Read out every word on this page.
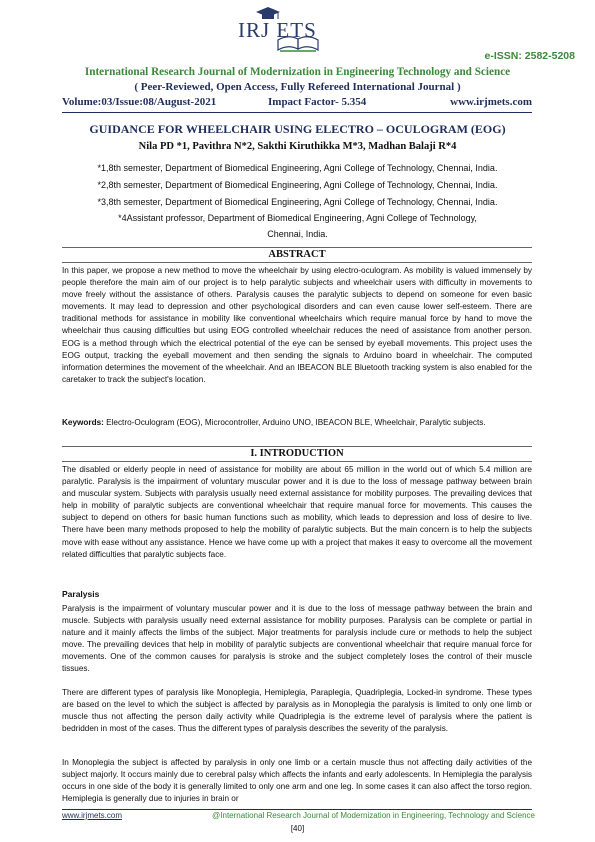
IRJ ETS
e-ISSN: 2582-5208
International Research Journal of Modernization in Engineering Technology and Science
( Peer-Reviewed, Open Access, Fully Refereed International Journal )
Volume:03/Issue:08/August-2021	Impact Factor- 5.354	www.irjmets.com
GUIDANCE FOR WHEELCHAIR USING ELECTRO – OCULOGRAM (EOG)
Nila PD *1, Pavithra N*2, Sakthi Kiruthikka M*3, Madhan Balaji R*4
*1,8th semester, Department of Biomedical Engineering, Agni College of Technology, Chennai, India.
*2,8th semester, Department of Biomedical Engineering, Agni College of Technology, Chennai, India.
*3,8th semester, Department of Biomedical Engineering, Agni College of Technology, Chennai, India.
*4Assistant professor, Department of Biomedical Engineering, Agni College of Technology,
Chennai, India.
ABSTRACT
In this paper, we propose a new method to move the wheelchair by using electro-oculogram. As mobility is valued immensely by people therefore the main aim of our project is to help paralytic subjects and wheelchair users with difficulty in movements to move freely without the assistance of others. Paralysis causes the paralytic subjects to depend on someone for even basic movements. It may lead to depression and other psychological disorders and can even cause lower self-esteem. There are traditional methods for assistance in mobility like conventional wheelchairs which require manual force by hand to move the wheelchair thus causing difficulties but using EOG controlled wheelchair reduces the need of assistance from another person. EOG is a method through which the electrical potential of the eye can be sensed by eyeball movements. This project uses the EOG output, tracking the eyeball movement and then sending the signals to Arduino board in wheelchair. The computed information determines the movement of the wheelchair. And an IBEACON BLE Bluetooth tracking system is also enabled for the caretaker to track the subject's location.
Keywords: Electro-Oculogram (EOG), Microcontroller, Arduino UNO, IBEACON BLE, Wheelchair, Paralytic subjects.
I. INTRODUCTION
The disabled or elderly people in need of assistance for mobility are about 65 million in the world out of which 5.4 million are paralytic. Paralysis is the impairment of voluntary muscular power and it is due to the loss of message pathway between brain and muscular system. Subjects with paralysis usually need external assistance for mobility purposes. The prevailing devices that help in mobility of paralytic subjects are conventional wheelchair that require manual force for movements. This causes the subject to depend on others for basic human functions such as mobility, which leads to depression and loss of desire to live. There have been many methods proposed to help the mobility of paralytic subjects. But the main concern is to help the subjects move with ease without any assistance. Hence we have come up with a project that makes it easy to overcome all the movement related difficulties that paralytic subjects face.
Paralysis
Paralysis is the impairment of voluntary muscular power and it is due to the loss of message pathway between the brain and muscle. Subjects with paralysis usually need external assistance for mobility purposes. Paralysis can be complete or partial in nature and it mainly affects the limbs of the subject. Major treatments for paralysis include cure or methods to help the subject move. The prevailing devices that help in mobility of paralytic subjects are conventional wheelchair that require manual force for movements. One of the common causes for paralysis is stroke and the subject completely loses the control of their muscle tissues.
There are different types of paralysis like Monoplegia, Hemiplegia, Paraplegia, Quadriplegia, Locked-in syndrome. These types are based on the level to which the subject is affected by paralysis as in Monoplegia the paralysis is limited to only one limb or muscle thus not affecting the person daily activity while Quadriplegia is the extreme level of paralysis where the patient is bedridden in most of the cases. Thus the different types of paralysis describes the severity of the paralysis.
In Monoplegia the subject is affected by paralysis in only one limb or a certain muscle thus not affecting daily activities of the subject majorly. It occurs mainly due to cerebral palsy which affects the infants and early adolescents. In Hemiplegia the paralysis occurs in one side of the body it is generally limited to only one arm and one leg. In some cases it can also affect the torso region. Hemiplegia is generally due to injuries in brain or
www.irjmets.com	@International Research Journal of Modernization in Engineering, Technology and Science
[40]
